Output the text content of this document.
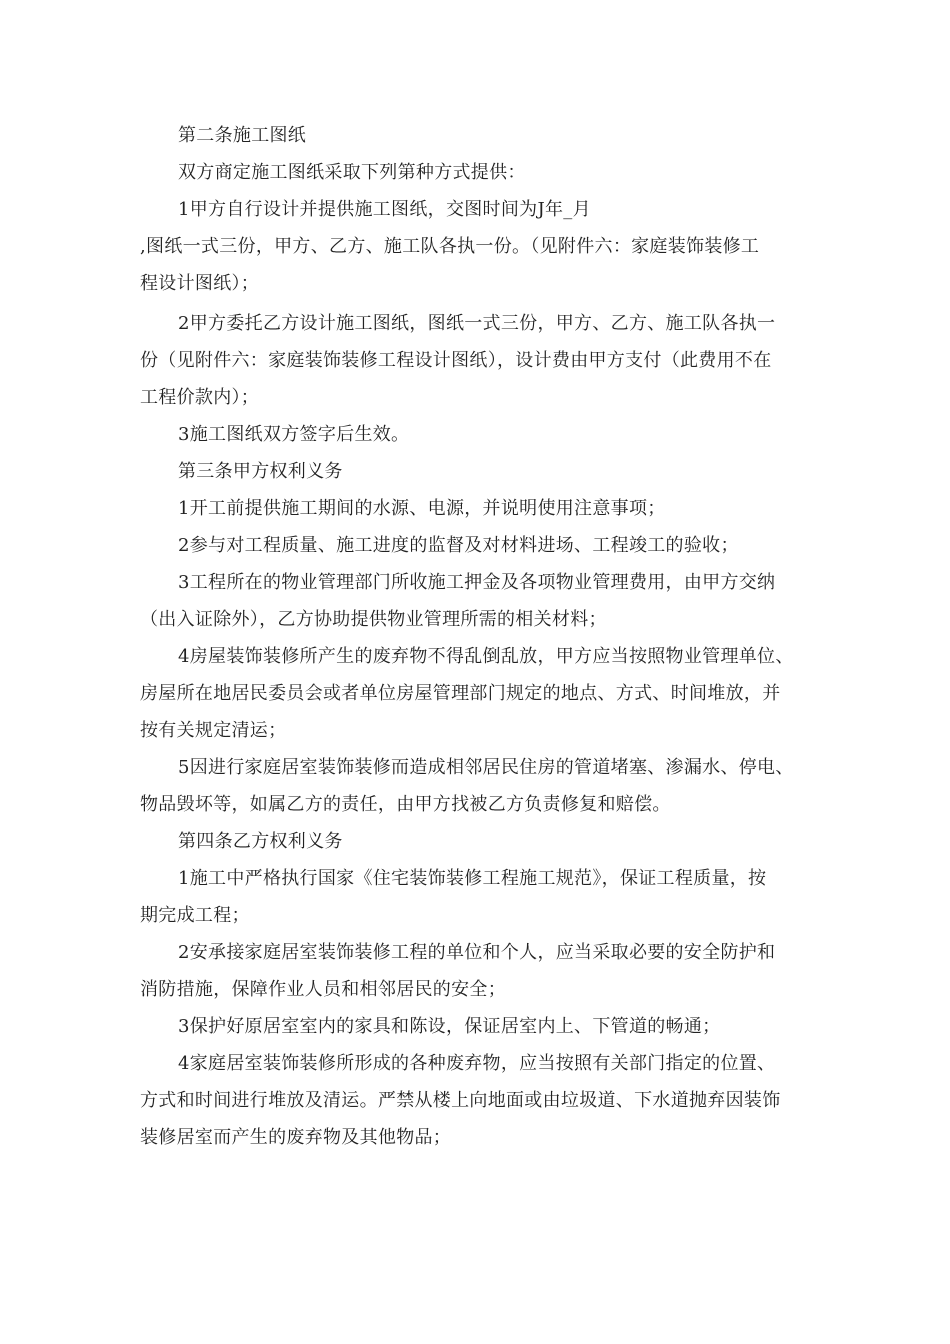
第二条施工图纸
双方商定施工图纸采取下列第种方式提供：
1甲方自行设计并提供施工图纸，交图时间为J年_月
,图纸一式三份，甲方、乙方、施工队各执一份。（见附件六：家庭装饰装修工
程设计图纸）；
2甲方委托乙方设计施工图纸，图纸一式三份，甲方、乙方、施工队各执一
份（见附件六：家庭装饰装修工程设计图纸），设计费由甲方支付（此费用不在
工程价款内）；
3施工图纸双方签字后生效。
第三条甲方权利义务
1开工前提供施工期间的水源、电源，并说明使用注意事项；
2参与对工程质量、施工进度的监督及对材料进场、工程竣工的验收；
3工程所在的物业管理部门所收施工押金及各项物业管理费用，由甲方交纳
（出入证除外），乙方协助提供物业管理所需的相关材料；
4房屋装饰装修所产生的废弃物不得乱倒乱放，甲方应当按照物业管理单位、
房屋所在地居民委员会或者单位房屋管理部门规定的地点、方式、时间堆放，并
按有关规定清运；
5因进行家庭居室装饰装修而造成相邻居民住房的管道堵塞、渗漏水、停电、
物品毁坏等，如属乙方的责任，由甲方找被乙方负责修复和赔偿。
第四条乙方权利义务
1施工中严格执行国家《住宅装饰装修工程施工规范》，保证工程质量，按
期完成工程；
2安承接家庭居室装饰装修工程的单位和个人，应当采取必要的安全防护和
消防措施，保障作业人员和相邻居民的安全；
3保护好原居室室内的家具和陈设，保证居室内上、下管道的畅通；
4家庭居室装饰装修所形成的各种废弃物，应当按照有关部门指定的位置、
方式和时间进行堆放及清运。严禁从楼上向地面或由垃圾道、下水道抛弃因装饰
装修居室而产生的废弃物及其他物品；
